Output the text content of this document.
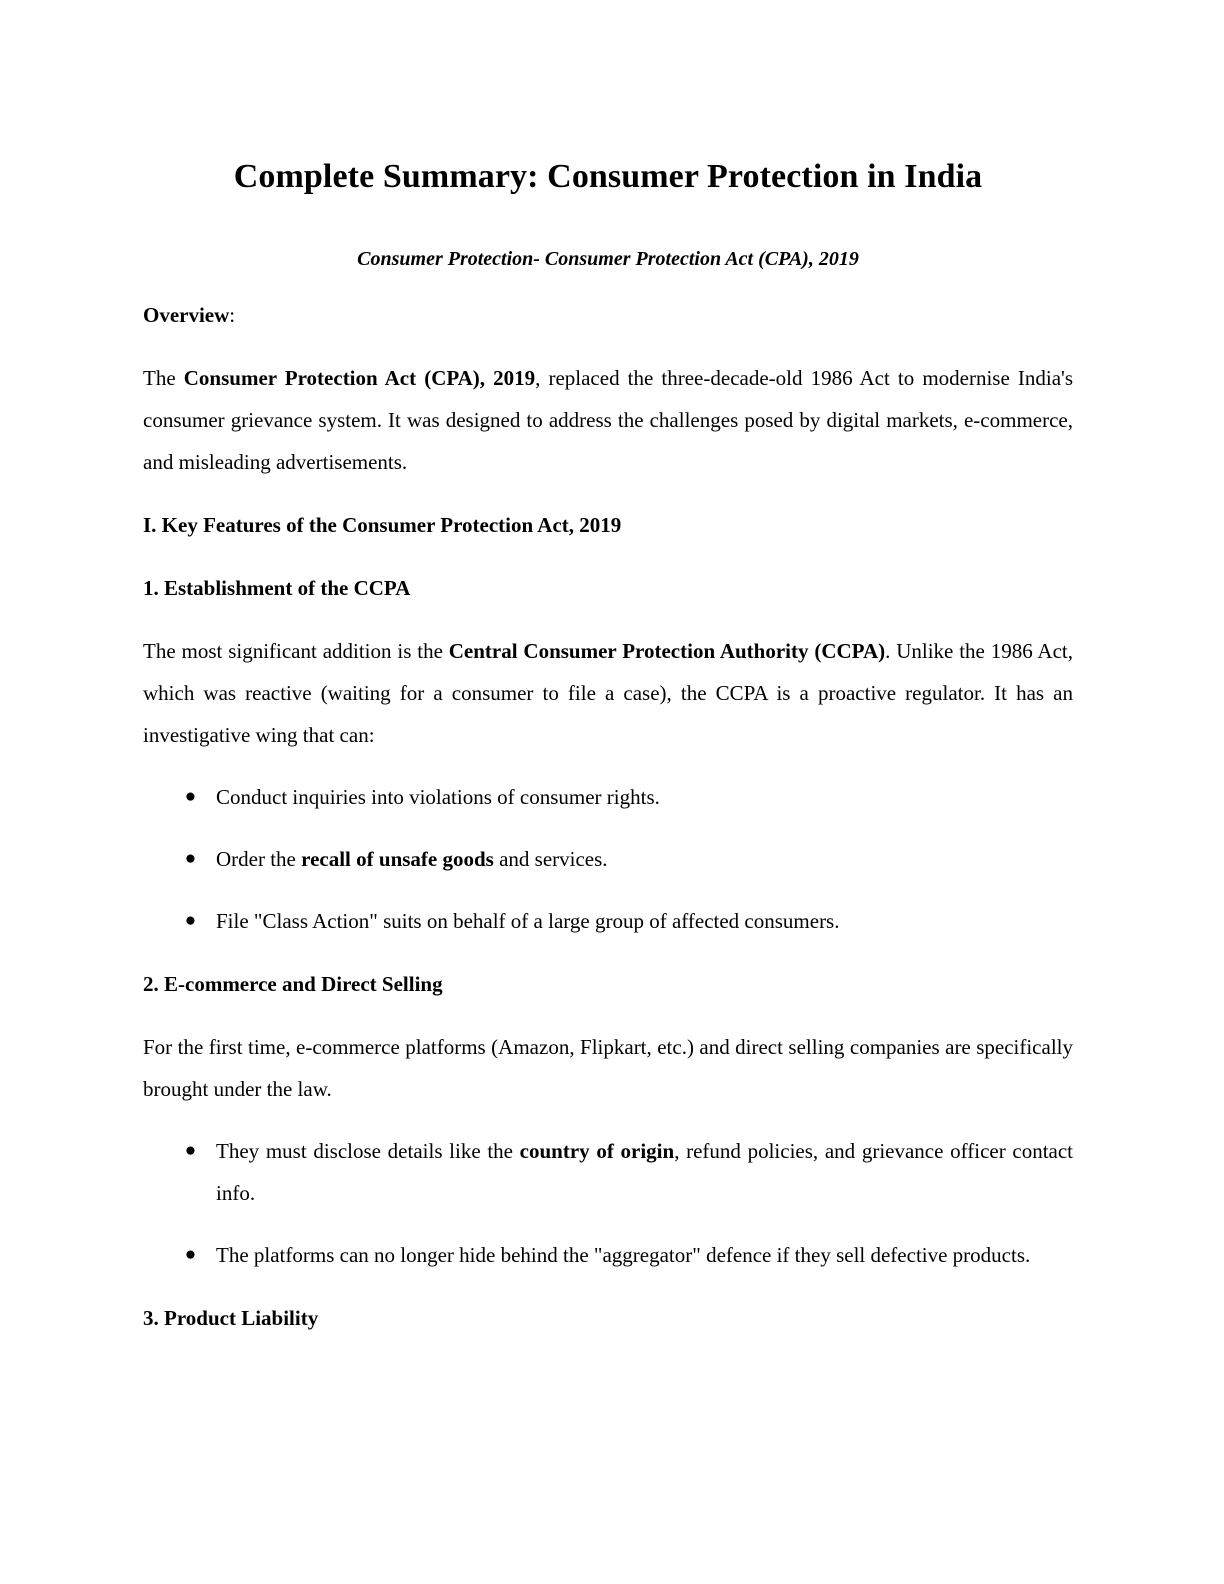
Complete Summary: Consumer Protection in India

Consumer Protection- Consumer Protection Act (CPA), 2019

Overview:

The Consumer Protection Act (CPA), 2019, replaced the three-decade-old 1986 Act to modernise India's consumer grievance system. It was designed to address the challenges posed by digital markets, e-commerce, and misleading advertisements.

I. Key Features of the Consumer Protection Act, 2019

1. Establishment of the CCPA

The most significant addition is the Central Consumer Protection Authority (CCPA). Unlike the 1986 Act, which was reactive (waiting for a consumer to file a case), the CCPA is a proactive regulator. It has an investigative wing that can:

● Conduct inquiries into violations of consumer rights.
● Order the recall of unsafe goods and services.
● File "Class Action" suits on behalf of a large group of affected consumers.

2. E-commerce and Direct Selling

For the first time, e-commerce platforms (Amazon, Flipkart, etc.) and direct selling companies are specifically brought under the law.

● They must disclose details like the country of origin, refund policies, and grievance officer contact info.
● The platforms can no longer hide behind the "aggregator" defence if they sell defective products.

3. Product Liability
